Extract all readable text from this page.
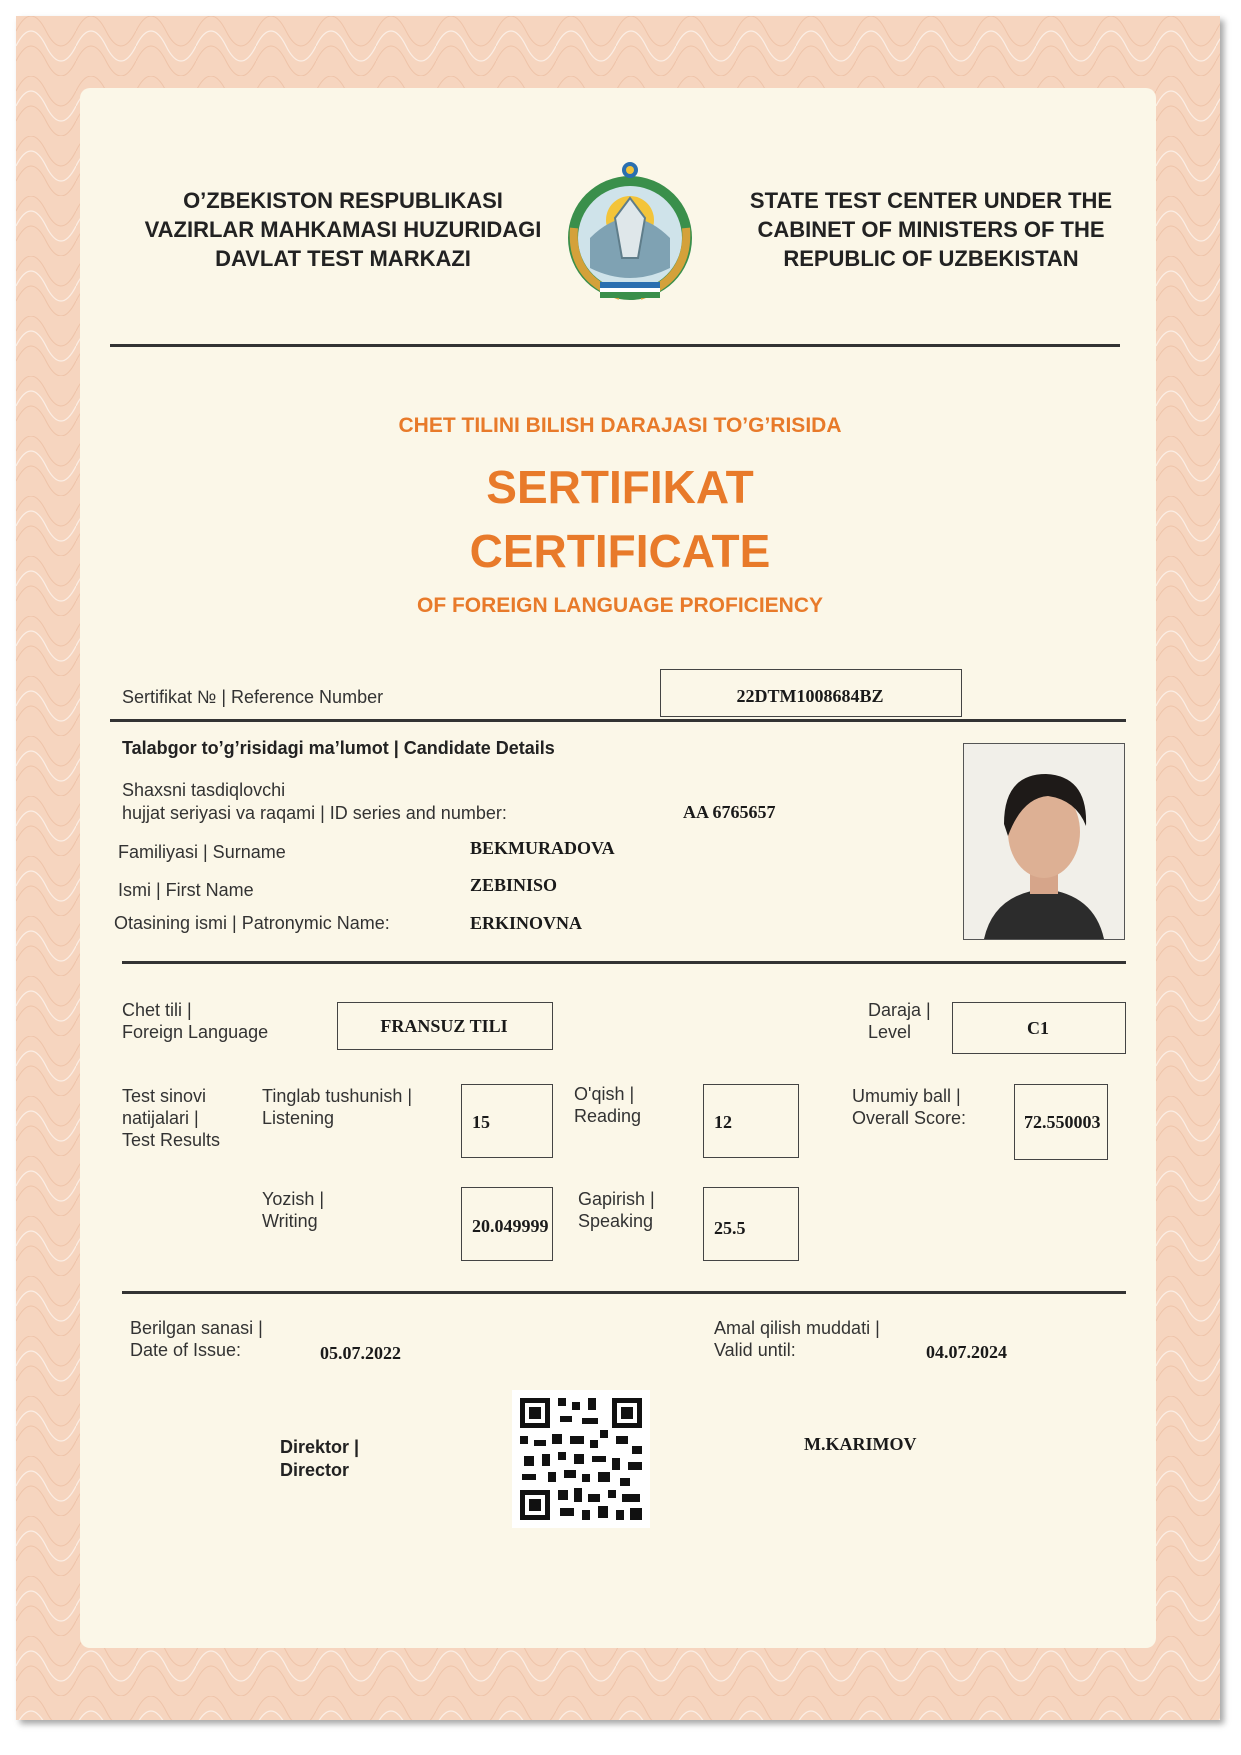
O’ZBEKISTON RESPUBLIKASI
VAZIRLAR MAHKAMASI HUZURIDAGI
DAVLAT TEST MARKAZI
STATE TEST CENTER UNDER THE
CABINET OF MINISTERS OF THE
REPUBLIC OF UZBEKISTAN
CHET TILINI BILISH DARAJASI TO’G’RISIDA
SERTIFIKAT
CERTIFICATE
OF FOREIGN LANGUAGE PROFICIENCY
Sertifikat № | Reference Number	22DTM1008684BZ
Talabgor to’g’risidagi ma’lumot | Candidate Details
Shaxsni tasdiqlovchi
hujjat seriyasi va raqami | ID series and number:	AA 6765657
Familiyasi | Surname	BEKMURADOVA
Ismi | First Name	ZEBINISO
Otasining ismi | Patronymic Name:	ERKINOVNA
Chet tili |
Foreign Language	FRANSUZ TILI
Daraja |
Level	C1
Test sinovi
natijalari |
Test Results
Tinglab tushunish |
Listening	15
O'qish |
Reading	12
Umumiy ball |
Overall Score:	72.550003
Yozish |
Writing	20.049999
Gapirish |
Speaking	25.5
Berilgan sanasi |
Date of Issue:	05.07.2022
Amal qilish muddati |
Valid until:	04.07.2024
Direktor |
Director
M.KARIMOV
